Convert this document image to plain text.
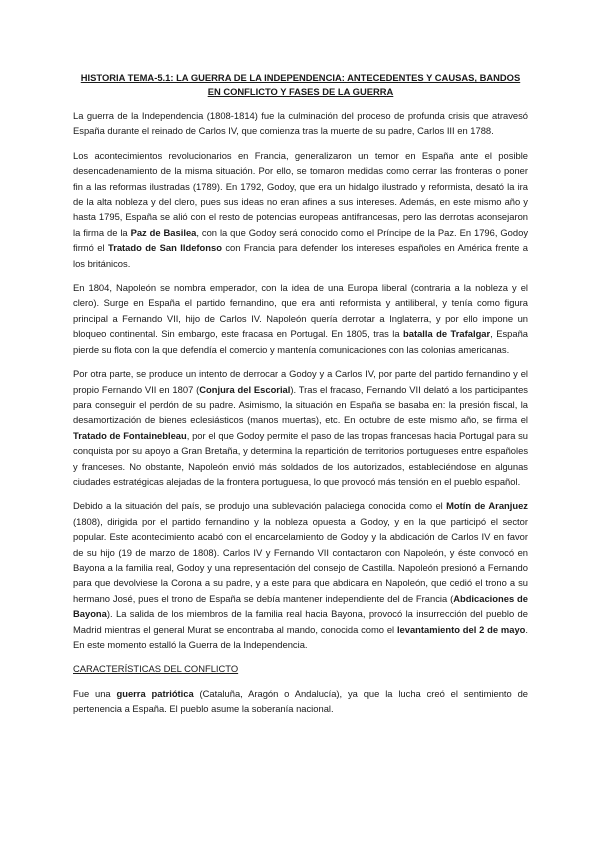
HISTORIA TEMA-5.1: LA GUERRA DE LA INDEPENDENCIA: ANTECEDENTES Y CAUSAS, BANDOS EN CONFLICTO Y FASES DE LA GUERRA

La guerra de la Independencia (1808-1814) fue la culminación del proceso de profunda crisis que atravesó España durante el reinado de Carlos IV, que comienza tras la muerte de su padre, Carlos III en 1788.

Los acontecimientos revolucionarios en Francia, generalizaron un temor en España ante el posible desencadenamiento de la misma situación. Por ello, se tomaron medidas como cerrar las fronteras o poner fin a las reformas ilustradas (1789). En 1792, Godoy, que era un hidalgo ilustrado y reformista, desató la ira de la alta nobleza y del clero, pues sus ideas no eran afines a sus intereses. Además, en este mismo año y hasta 1795, España se alió con el resto de potencias europeas antifrancesas, pero las derrotas aconsejaron la firma de la Paz de Basilea, con la que Godoy será conocido como el Príncipe de la Paz. En 1796, Godoy firmó el Tratado de San Ildefonso con Francia para defender los intereses españoles en América frente a los británicos.

En 1804, Napoleón se nombra emperador, con la idea de una Europa liberal (contraria a la nobleza y el clero). Surge en España el partido fernandino, que era anti reformista y antiliberal, y tenía como figura principal a Fernando VII, hijo de Carlos IV. Napoleón quería derrotar a Inglaterra, y por ello impone un bloqueo continental. Sin embargo, este fracasa en Portugal. En 1805, tras la batalla de Trafalgar, España pierde su flota con la que defendía el comercio y mantenía comunicaciones con las colonias americanas.

Por otra parte, se produce un intento de derrocar a Godoy y a Carlos IV, por parte del partido fernandino y el propio Fernando VII en 1807 (Conjura del Escorial). Tras el fracaso, Fernando VII delató a los participantes para conseguir el perdón de su padre. Asimismo, la situación en España se basaba en: la presión fiscal, la desamortización de bienes eclesiásticos (manos muertas), etc. En octubre de este mismo año, se firma el Tratado de Fontainebleau, por el que Godoy permite el paso de las tropas francesas hacia Portugal para su conquista por su apoyo a Gran Bretaña, y determina la repartición de territorios portugueses entre españoles y franceses. No obstante, Napoleón envió más soldados de los autorizados, estableciéndose en algunas ciudades estratégicas alejadas de la frontera portuguesa, lo que provocó más tensión en el pueblo español.

Debido a la situación del país, se produjo una sublevación palaciega conocida como el Motín de Aranjuez (1808), dirigida por el partido fernandino y la nobleza opuesta a Godoy, y en la que participó el sector popular. Este acontecimiento acabó con el encarcelamiento de Godoy y la abdicación de Carlos IV en favor de su hijo (19 de marzo de 1808). Carlos IV y Fernando VII contactaron con Napoleón, y éste convocó en Bayona a la familia real, Godoy y una representación del consejo de Castilla. Napoleón presionó a Fernando para que devolviese la Corona a su padre, y a este para que abdicara en Napoleón, que cedió el trono a su hermano José, pues el trono de España se debía mantener independiente del de Francia (Abdicaciones de Bayona). La salida de los miembros de la familia real hacia Bayona, provocó la insurrección del pueblo de Madrid mientras el general Murat se encontraba al mando, conocida como el levantamiento del 2 de mayo. En este momento estalló la Guerra de la Independencia.

CARACTERÍSTICAS DEL CONFLICTO

Fue una guerra patriótica (Cataluña, Aragón o Andalucía), ya que la lucha creó el sentimiento de pertenencia a España. El pueblo asume la soberanía nacional.
